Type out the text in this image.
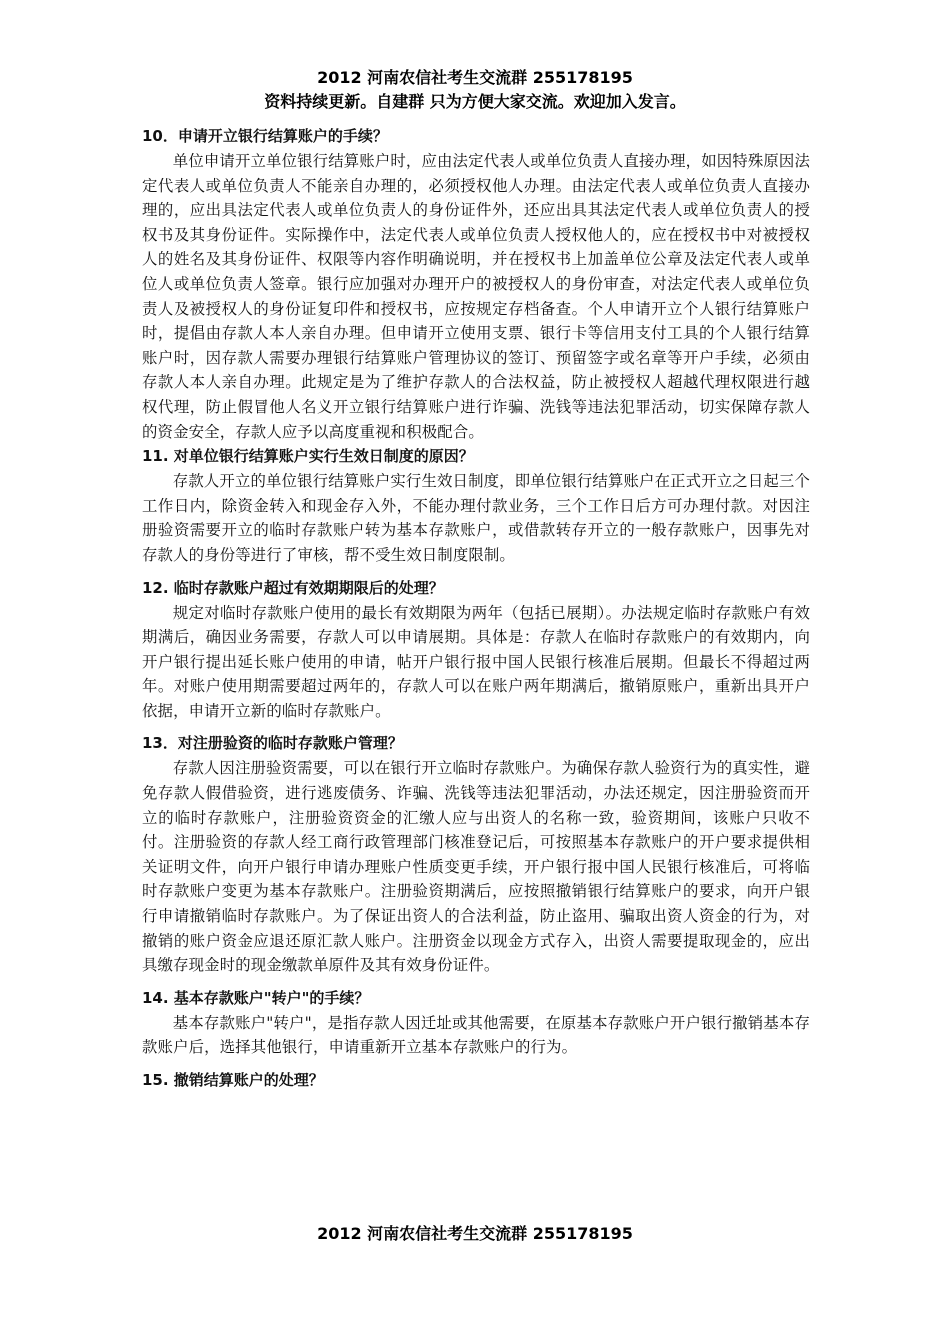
2012 河南农信社考生交流群 255178195
资料持续更新。自建群 只为方便大家交流。欢迎加入发言。
10．申请开立银行结算账户的手续？

单位申请开立单位银行结算账户时，应由法定代表人或单位负责人直接办理，如因特殊原因法定代表人或单位负责人不能亲自办理的，必须授权他人办理。由法定代表人或单位负责人直接办理的，应出具法定代表人或单位负责人的身份证件外，还应出具其法定代表人或单位负责人的授权书及其身份证件。实际操作中，法定代表人或单位负责人授权他人的，应在授权书中对被授权人的姓名及其身份证件、权限等内容作明确说明，并在授权书上加盖单位公章及法定代表人或单位人或单位负责人签章。银行应加强对办理开户的被授权人的身份审查，对法定代表人或单位负责人及被授权人的身份证复印件和授权书，应按规定存档备查。个人申请开立个人银行结算账户时，提倡由存款人本人亲自办理。但申请开立使用支票、银行卡等信用支付工具的个人银行结算账户时，因存款人需要办理银行结算账户管理协议的签订、预留签字或名章等开户手续，必须由存款人本人亲自办理。此规定是为了维护存款人的合法权益，防止被授权人超越代理权限进行越权代理，防止假冒他人名义开立银行结算账户进行诈骗、洗钱等违法犯罪活动，切实保障存款人的资金安全，存款人应予以高度重视和积极配合。

11. 对单位银行结算账户实行生效日制度的原因？

存款人开立的单位银行结算账户实行生效日制度，即单位银行结算账户在正式开立之日起三个工作日内，除资金转入和现金存入外，不能办理付款业务，三个工作日后方可办理付款。对因注册验资需要开立的临时存款账户转为基本存款账户，或借款转存开立的一般存款账户，因事先对存款人的身份等进行了审核，帮不受生效日制度限制。

12. 临时存款账户超过有效期期限后的处理？

规定对临时存款账户使用的最长有效期限为两年（包括已展期）。办法规定临时存款账户有效期满后，确因业务需要，存款人可以申请展期。具体是：存款人在临时存款账户的有效期内，向开户银行提出延长账户使用的申请，帖开户银行报中国人民银行核准后展期。但最长不得超过两年。对账户使用期需要超过两年的，存款人可以在账户两年期满后，撤销原账户，重新出具开户依据，申请开立新的临时存款账户。

13．对注册验资的临时存款账户管理？

存款人因注册验资需要，可以在银行开立临时存款账户。为确保存款人验资行为的真实性，避免存款人假借验资，进行逃废债务、诈骗、洗钱等违法犯罪活动，办法还规定，因注册验资而开立的临时存款账户，注册验资资金的汇缴人应与出资人的名称一致，验资期间，该账户只收不付。注册验资的存款人经工商行政管理部门核准登记后，可按照基本存款账户的开户要求提供相关证明文件，向开户银行申请办理账户性质变更手续，开户银行报中国人民银行核准后，可将临时存款账户变更为基本存款账户。注册验资期满后，应按照撤销银行结算账户的要求，向开户银行申请撤销临时存款账户。为了保证出资人的合法利益，防止盗用、骗取出资人资金的行为，对撤销的账户资金应退还原汇款人账户。注册资金以现金方式存入，出资人需要提取现金的，应出具缴存现金时的现金缴款单原件及其有效身份证件。

14. 基本存款账户"转户"的手续？

基本存款账户"转户"，是指存款人因迁址或其他需要，在原基本存款账户开户银行撤销基本存款账户后，选择其他银行，申请重新开立基本存款账户的行为。

15. 撤销结算账户的处理？
2012 河南农信社考生交流群 255178195
